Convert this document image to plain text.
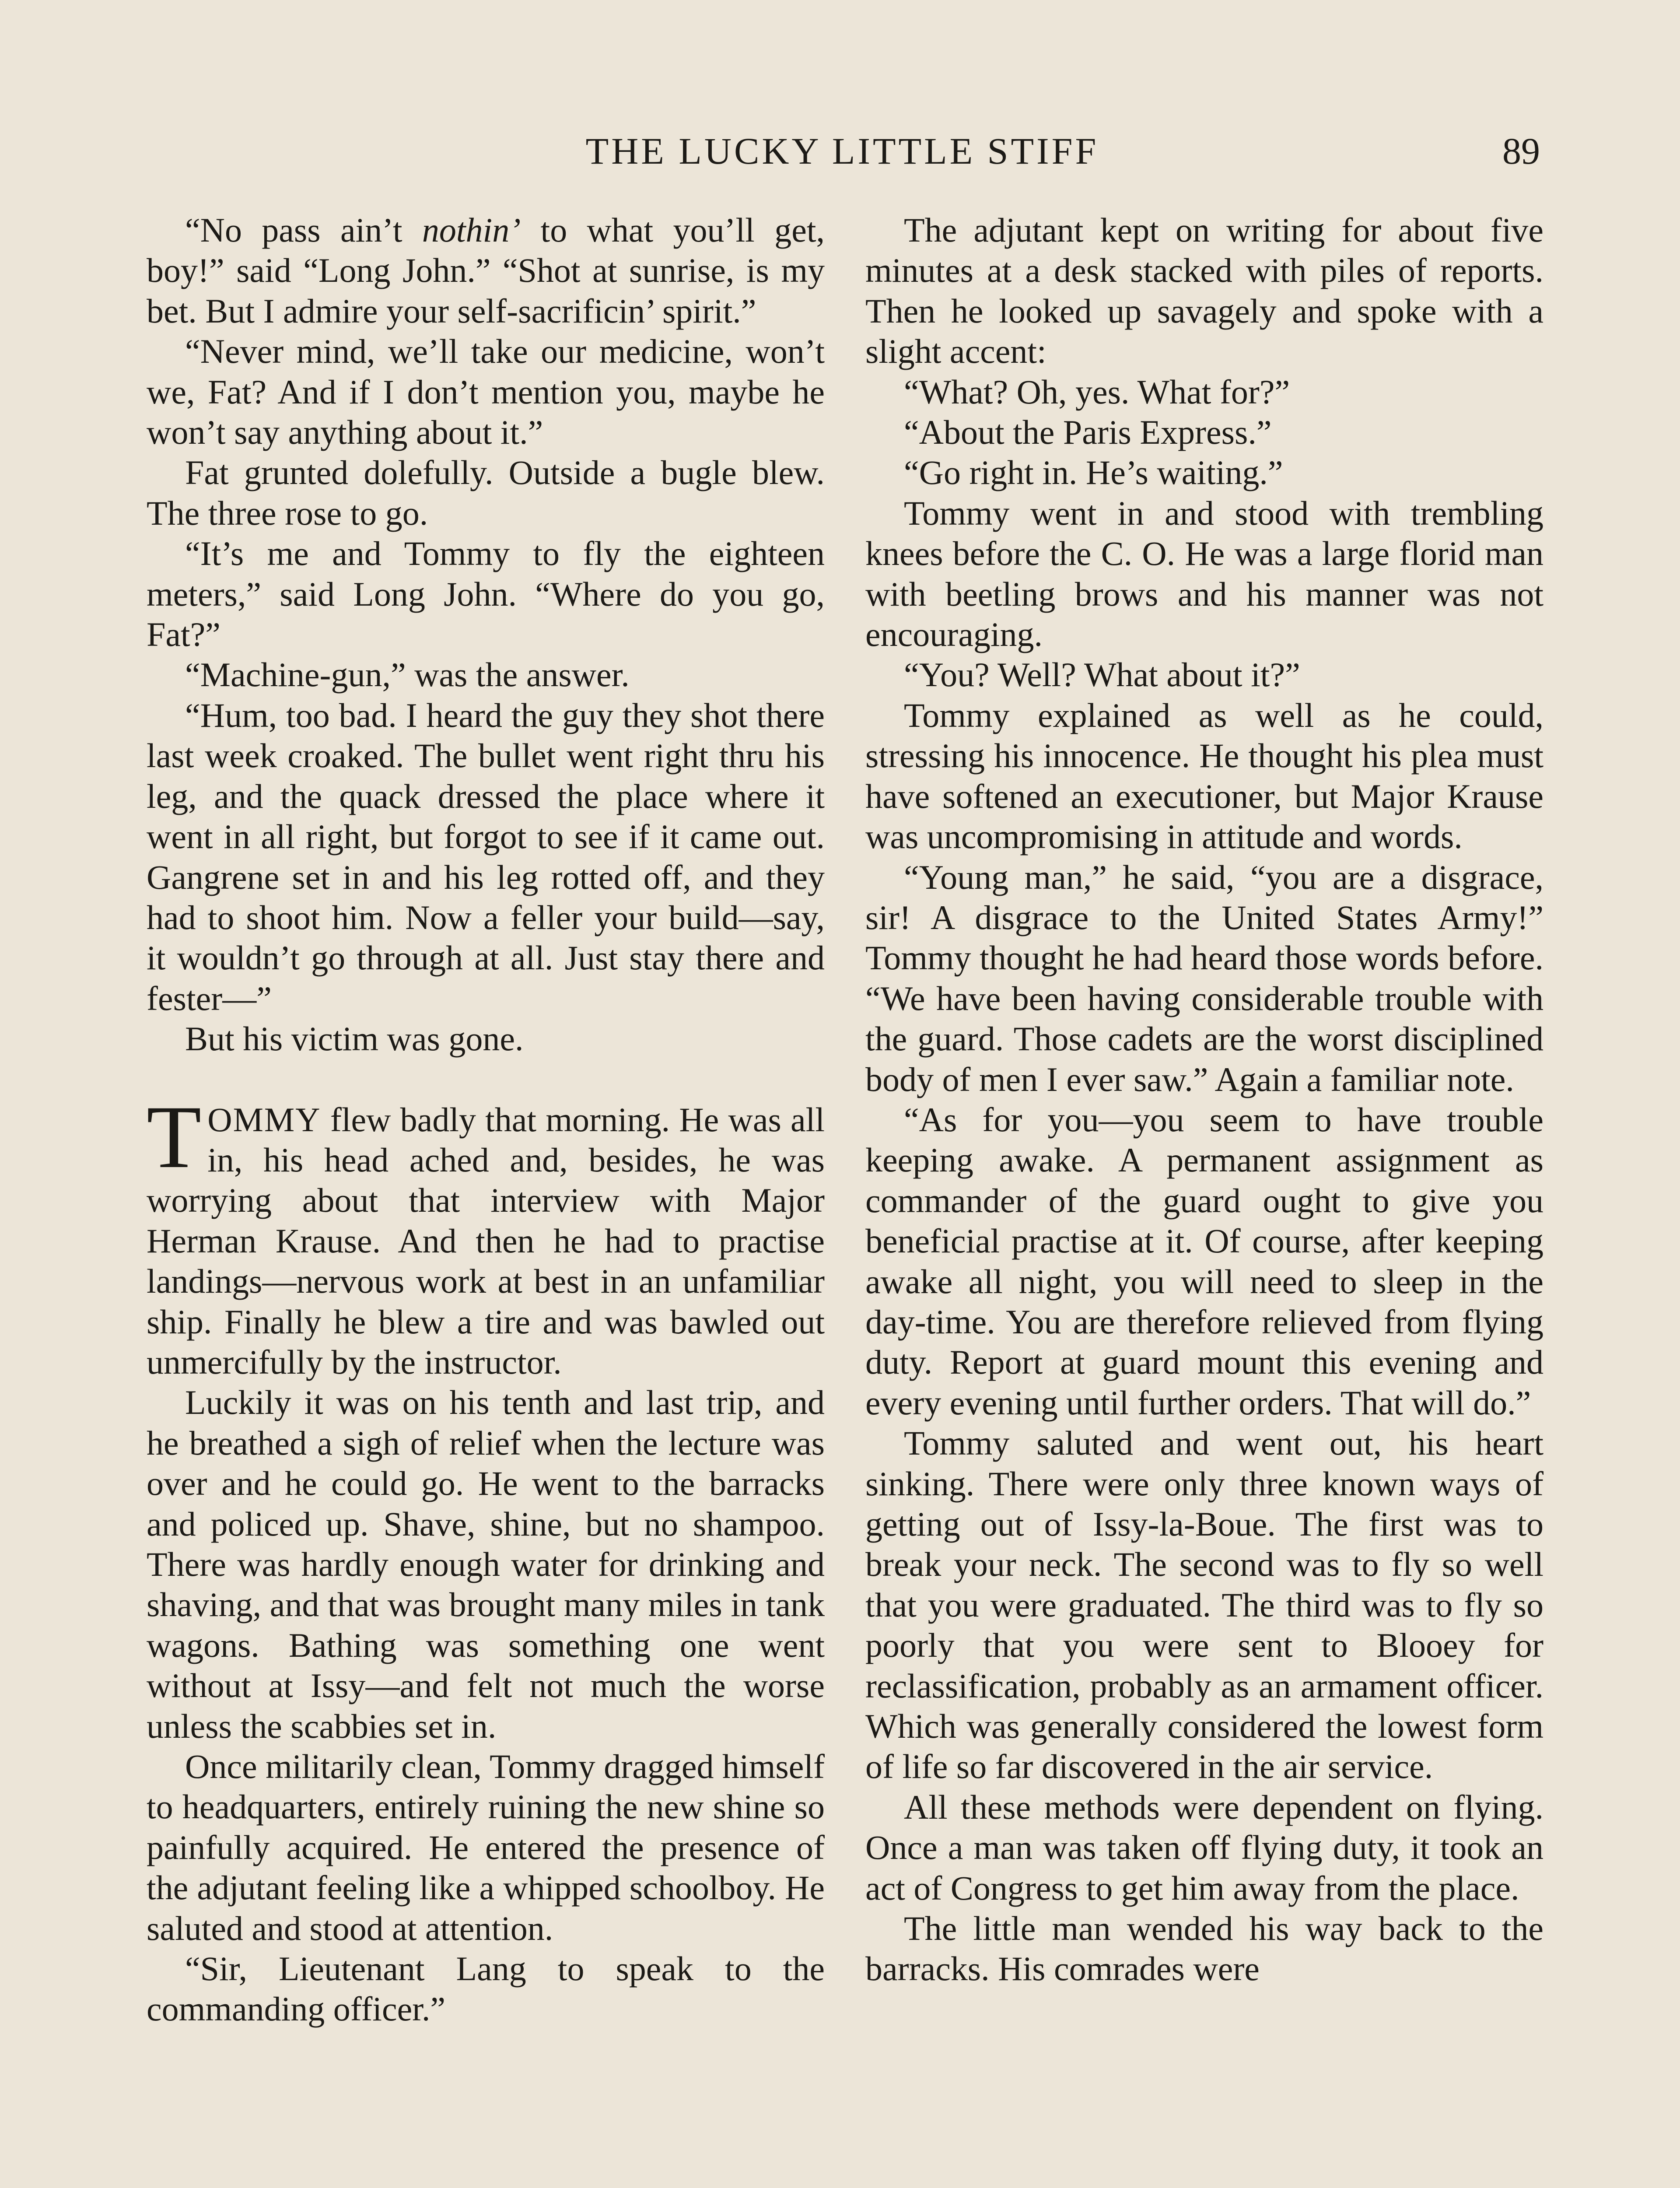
THE LUCKY LITTLE STIFF	89

“No pass ain’t nothin’ to what you’ll get, boy!” said “Long John.” “Shot at sunrise, is my bet. But I admire your self-sacrificin’ spirit.”

“Never mind, we’ll take our medicine, won’t we, Fat? And if I don’t mention you, maybe he won’t say anything about it.”

Fat grunted dolefully. Outside a bugle blew. The three rose to go.

“It’s me and Tommy to fly the eighteen meters,” said Long John. “Where do you go, Fat?”

“Machine-gun,” was the answer.

“Hum, too bad. I heard the guy they shot there last week croaked. The bullet went right thru his leg, and the quack dressed the place where it went in all right, but forgot to see if it came out. Gangrene set in and his leg rotted off, and they had to shoot him. Now a feller your build—say, it wouldn’t go through at all. Just stay there and fester—”

But his victim was gone.

TOMMY flew badly that morning. He was all in, his head ached and, besides, he was worrying about that interview with Major Herman Krause. And then he had to practise landings—nervous work at best in an unfamiliar ship. Finally he blew a tire and was bawled out unmercifully by the instructor.

Luckily it was on his tenth and last trip, and he breathed a sigh of relief when the lecture was over and he could go. He went to the barracks and policed up. Shave, shine, but no shampoo. There was hardly enough water for drinking and shaving, and that was brought many miles in tank wagons. Bathing was something one went without at Issy—and felt not much the worse unless the scabbies set in.

Once militarily clean, Tommy dragged himself to headquarters, entirely ruining the new shine so painfully acquired. He entered the presence of the adjutant feeling like a whipped schoolboy. He saluted and stood at attention.

“Sir, Lieutenant Lang to speak to the commanding officer.”

The adjutant kept on writing for about five minutes at a desk stacked with piles of reports. Then he looked up savagely and spoke with a slight accent:

“What? Oh, yes. What for?”

“About the Paris Express.”

“Go right in. He’s waiting.”

Tommy went in and stood with trembling knees before the C. O. He was a large florid man with beetling brows and his manner was not encouraging.

“You? Well? What about it?”

Tommy explained as well as he could, stressing his innocence. He thought his plea must have softened an executioner, but Major Krause was uncompromising in attitude and words.

“Young man,” he said, “you are a disgrace, sir! A disgrace to the United States Army!” Tommy thought he had heard those words before. “We have been having considerable trouble with the guard. Those cadets are the worst disciplined body of men I ever saw.” Again a familiar note.

“As for you—you seem to have trouble keeping awake. A permanent assignment as commander of the guard ought to give you beneficial practise at it. Of course, after keeping awake all night, you will need to sleep in the day-time. You are therefore relieved from flying duty. Report at guard mount this evening and every evening until further orders. That will do.”

Tommy saluted and went out, his heart sinking. There were only three known ways of getting out of Issy-la-Boue. The first was to break your neck. The second was to fly so well that you were graduated. The third was to fly so poorly that you were sent to Blooey for reclassification, probably as an armament officer. Which was generally considered the lowest form of life so far discovered in the air service.

All these methods were dependent on flying. Once a man was taken off flying duty, it took an act of Congress to get him away from the place.

The little man wended his way back to the barracks. His comrades were
